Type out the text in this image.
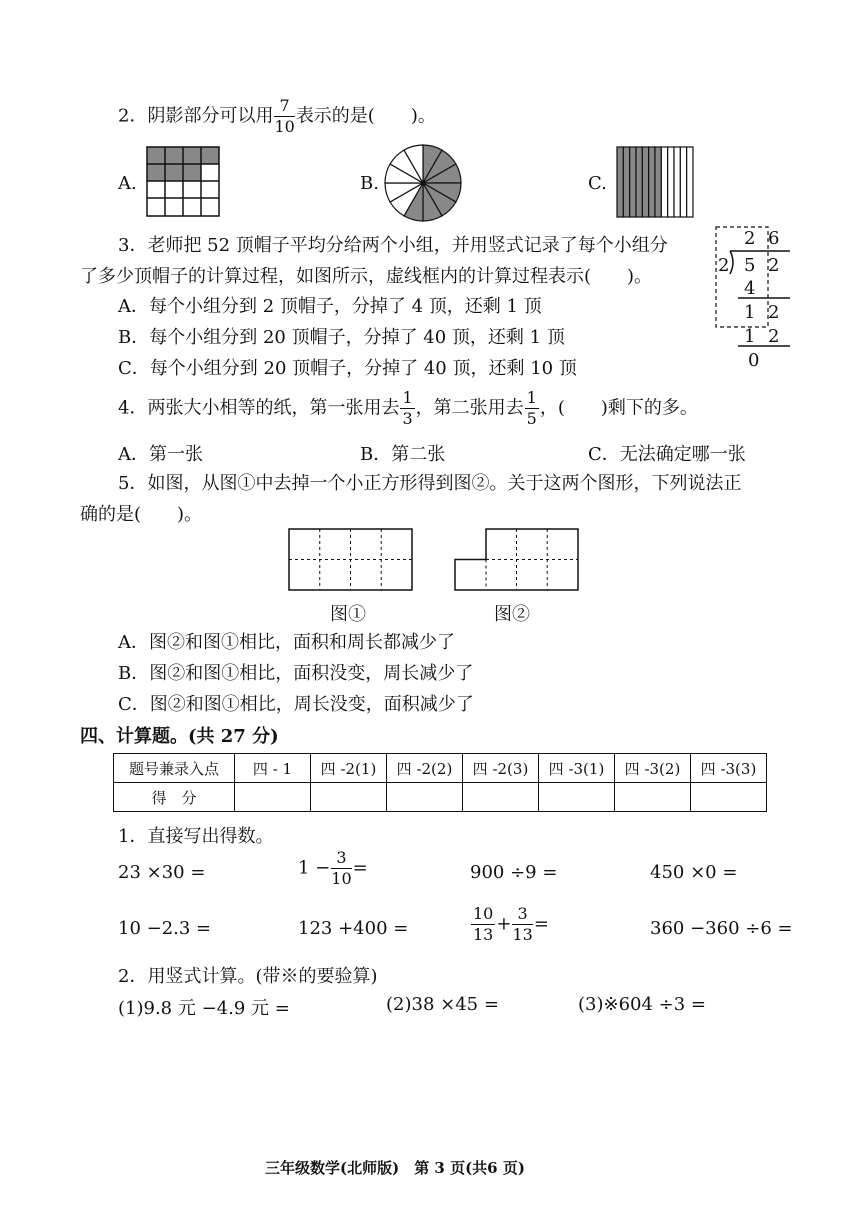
2．阴影部分可以用 $\frac{7}{10}$ 表示的是(　　)。
A.	B.	C.
3．老师把 52 顶帽子平均分给两个小组，并用竖式记录了每个小组分
了多少顶帽子的计算过程，如图所示，虚线框内的计算过程表示(　　)。
A．每个小组分到 2 顶帽子，分掉了 4 顶，还剩 1 顶
B．每个小组分到 20 顶帽子，分掉了 40 顶，还剩 1 顶
C．每个小组分到 20 顶帽子，分掉了 40 顶，还剩 10 顶
2 6
2 5 2
4
1 2
1 2
0
4．两张大小相等的纸，第一张用去 $\frac{1}{3}$ ，第二张用去 $\frac{1}{5}$ ，(　　)剩下的多。
A．第一张	B．第二张	C．无法确定哪一张
5．如图，从图①中去掉一个小正方形得到图②。关于这两个图形，下列说法正
确的是(　　)。
图①	图②
A．图②和图①相比，面积和周长都减少了
B．图②和图①相比，面积没变，周长减少了
C．图②和图①相比，周长没变，面积减少了
四、计算题。(共 27 分)
题号兼录入点	四 - 1	四 -2(1)	四 -2(2)	四 -2(3)	四 -3(1)	四 -3(2)	四 -3(3)
得　分							
1．直接写出得数。
23 ×30 =	$1 - \frac{3}{10}$ =	900 ÷9 =	450 ×0 =
10 −2.3 =	123 +400 =	$\frac{10}{13} + \frac{3}{13}$ =	360 −360 ÷6 =
2．用竖式计算。(带※的要验算)
(1)9.8 元 −4.9 元 =	(2)38 ×45 =	(3)※604 ÷3 =
三年级数学(北师版)　第 3 页(共6 页)
